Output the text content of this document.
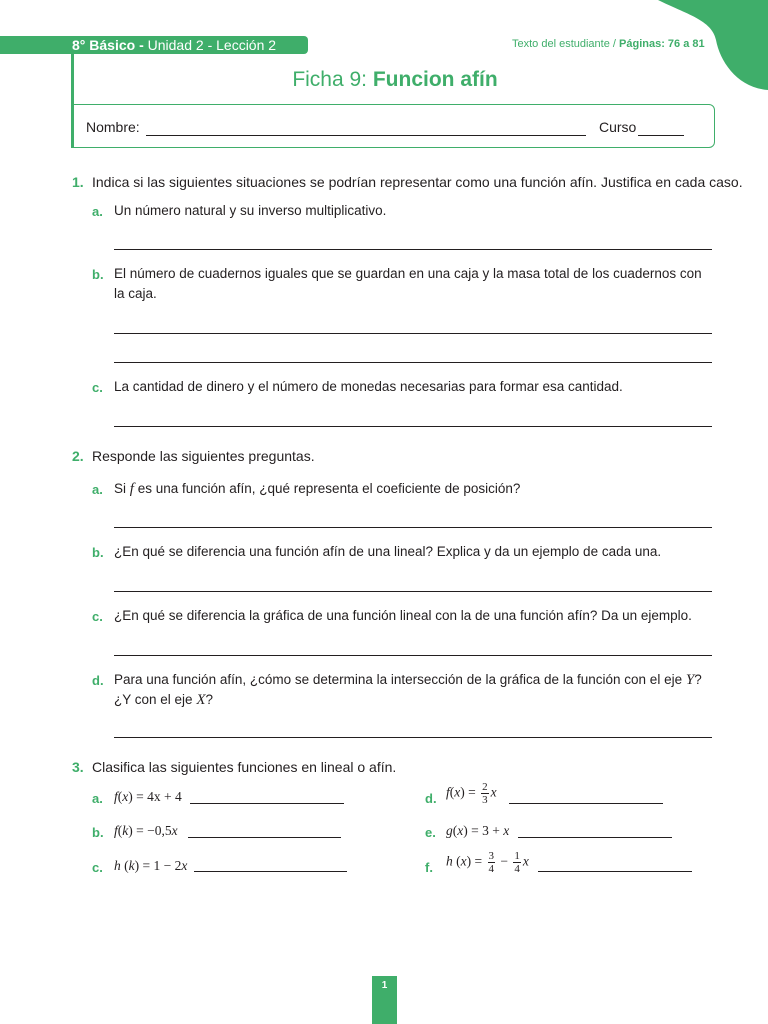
8° Básico - Unidad 2 - Lección 2	Texto del estudiante / Páginas: 76 a 81
Ficha 9: Funcion afín
Nombre:	Curso
1. Indica si las siguientes situaciones se podrían representar como una función afín. Justifica en cada caso.
a. Un número natural y su inverso multiplicativo.
b. El número de cuadernos iguales que se guardan en una caja y la masa total de los cuadernos con la caja.
c. La cantidad de dinero y el número de monedas necesarias para formar esa cantidad.
2. Responde las siguientes preguntas.
a. Si f es una función afín, ¿qué representa el coeficiente de posición?
b. ¿En qué se diferencia una función afín de una lineal? Explica y da un ejemplo de cada una.
c. ¿En qué se diferencia la gráfica de una función lineal con la de una función afín? Da un ejemplo.
d. Para una función afín, ¿cómo se determina la intersección de la gráfica de la función con el eje Y? ¿Y con el eje X?
3. Clasifica las siguientes funciones en lineal o afín.
a. f(x) = 4x + 4
b. f(k) = −0,5x
c. h (k) = 1 − 2x
d. $f(x) = \frac{2}{3}$ x
e. g(x) = 3 + x
f. h $(x) = \frac{3}{4} - \frac{1}{4}$ x
1
